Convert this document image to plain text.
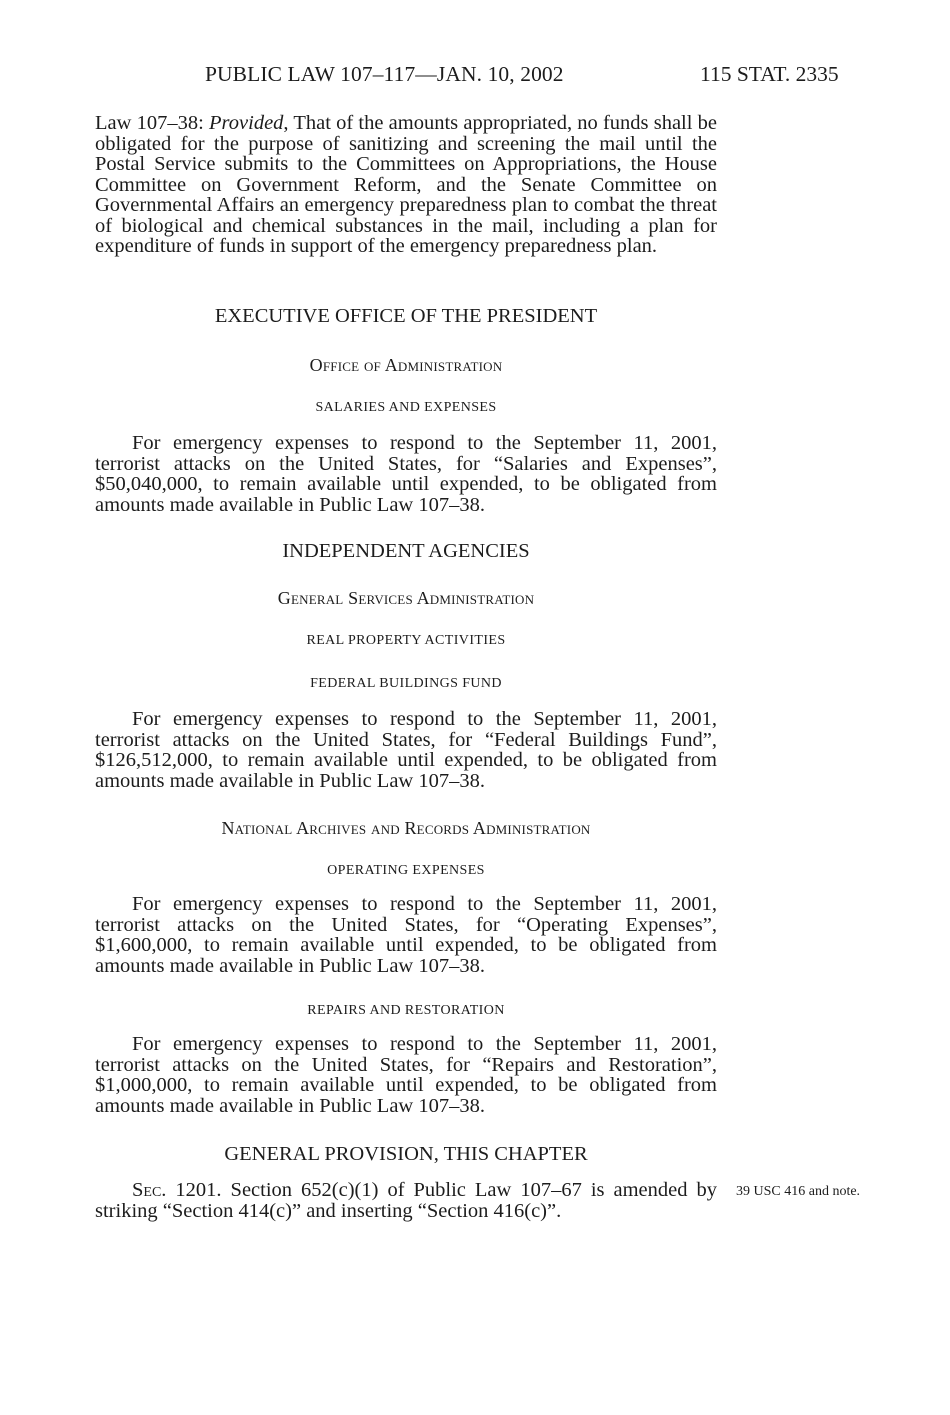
PUBLIC LAW 107–117—JAN. 10, 2002	115 STAT. 2335

Law 107–38: Provided, That of the amounts appropriated, no funds shall be obligated for the purpose of sanitizing and screening the mail until the Postal Service submits to the Committees on Appropriations, the House Committee on Government Reform, and the Senate Committee on Governmental Affairs an emergency preparedness plan to combat the threat of biological and chemical substances in the mail, including a plan for expenditure of funds in support of the emergency preparedness plan.

EXECUTIVE OFFICE OF THE PRESIDENT
Office of Administration
SALARIES AND EXPENSES

For emergency expenses to respond to the September 11, 2001, terrorist attacks on the United States, for “Salaries and Expenses”, $50,040,000, to remain available until expended, to be obligated from amounts made available in Public Law 107–38.

INDEPENDENT AGENCIES
General Services Administration
REAL PROPERTY ACTIVITIES
FEDERAL BUILDINGS FUND

For emergency expenses to respond to the September 11, 2001, terrorist attacks on the United States, for “Federal Buildings Fund”, $126,512,000, to remain available until expended, to be obligated from amounts made available in Public Law 107–38.

National Archives and Records Administration
OPERATING EXPENSES

For emergency expenses to respond to the September 11, 2001, terrorist attacks on the United States, for “Operating Expenses”, $1,600,000, to remain available until expended, to be obligated from amounts made available in Public Law 107–38.

REPAIRS AND RESTORATION

For emergency expenses to respond to the September 11, 2001, terrorist attacks on the United States, for “Repairs and Restoration”, $1,000,000, to remain available until expended, to be obligated from amounts made available in Public Law 107–38.

GENERAL PROVISION, THIS CHAPTER

Sec. 1201. Section 652(c)(1) of Public Law 107–67 is amended by striking “Section 414(c)” and inserting “Section 416(c)”.

39 USC 416 and note.
